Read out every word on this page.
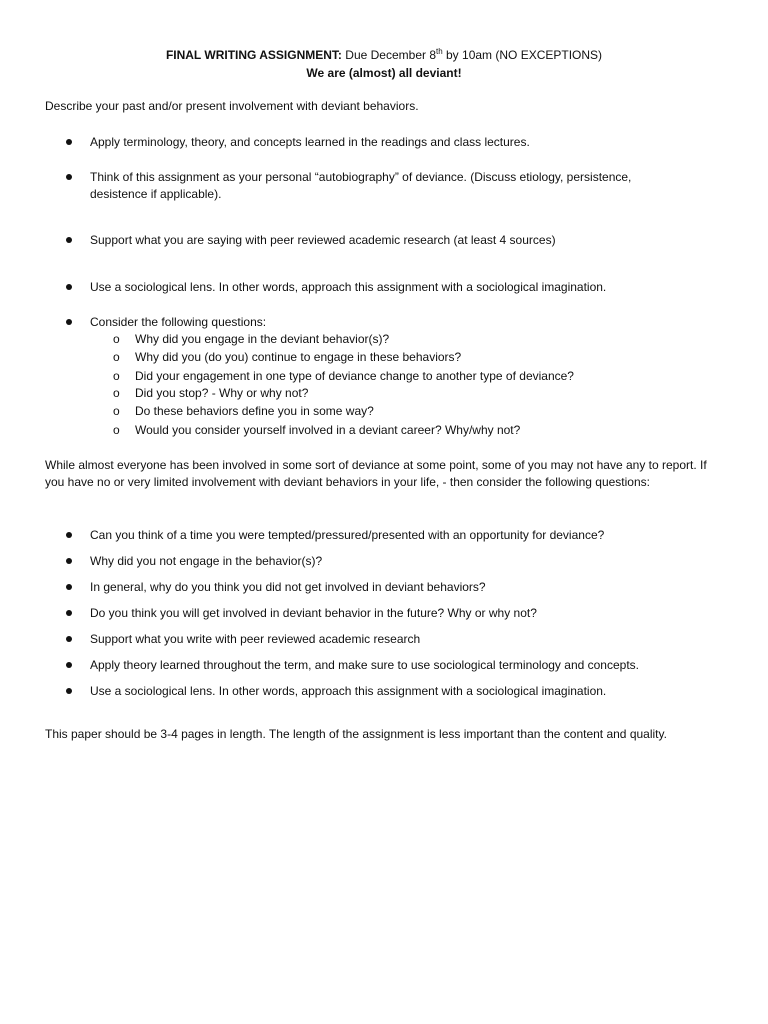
FINAL WRITING ASSIGNMENT: Due December 8th by 10am (NO EXCEPTIONS)
We are (almost) all deviant!
Describe your past and/or present involvement with deviant behaviors.
Apply terminology, theory, and concepts learned in the readings and class lectures.
Think of this assignment as your personal “autobiography” of deviance. (Discuss etiology, persistence, desistence if applicable).
Support what you are saying with peer reviewed academic research (at least 4 sources)
Use a sociological lens. In other words, approach this assignment with a sociological imagination.
Consider the following questions:
o Why did you engage in the deviant behavior(s)?
o Why did you (do you) continue to engage in these behaviors?
o Did your engagement in one type of deviance change to another type of deviance?
o Did you stop? - Why or why not?
o Do these behaviors define you in some way?
o Would you consider yourself involved in a deviant career? Why/why not?
While almost everyone has been involved in some sort of deviance at some point, some of you may not have any to report. If you have no or very limited involvement with deviant behaviors in your life, - then consider the following questions:
Can you think of a time you were tempted/pressured/presented with an opportunity for deviance?
Why did you not engage in the behavior(s)?
In general, why do you think you did not get involved in deviant behaviors?
Do you think you will get involved in deviant behavior in the future? Why or why not?
Support what you write with peer reviewed academic research
Apply theory learned throughout the term, and make sure to use sociological terminology and concepts.
Use a sociological lens. In other words, approach this assignment with a sociological imagination.
This paper should be 3-4 pages in length. The length of the assignment is less important than the content and quality.
